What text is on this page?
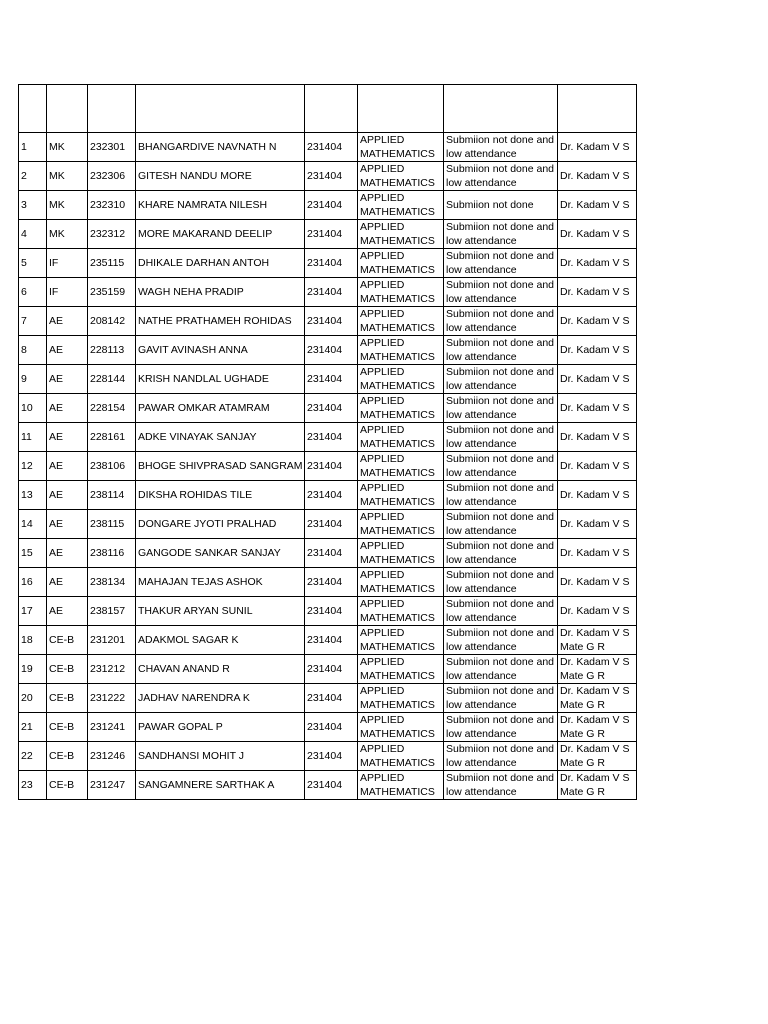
1	MK	232301	BHANGARDIVE NAVNATH N	231404	APPLIED
MATHEMATICS	Submiion not done and
low attendance	Dr. Kadam V S

2	MK	232306	GITESH NANDU MORE	231404	APPLIED
MATHEMATICS	Submiion not done and
low attendance	Dr. Kadam V S

3	MK	232310	KHARE NAMRATA NILESH	231404	APPLIED
MATHEMATICS	Submiion not done	Dr. Kadam V S

4	MK	232312	MORE MAKARAND DEELIP	231404	APPLIED
MATHEMATICS	Submiion not done and
low attendance	Dr. Kadam V S

5	IF	235115	DHIKALE DARHAN ANTOH	231404	APPLIED
MATHEMATICS	Submiion not done and
low attendance	Dr. Kadam V S

6	IF	235159	WAGH NEHA PRADIP	231404	APPLIED
MATHEMATICS	Submiion not done and
low attendance	Dr. Kadam V S

7	AE	208142	NATHE PRATHAMEH ROHIDAS	231404	APPLIED
MATHEMATICS	Submiion not done and
low attendance	Dr. Kadam V S

8	AE	228113	GAVIT AVINASH ANNA	231404	APPLIED
MATHEMATICS	Submiion not done and
low attendance	Dr. Kadam V S

9	AE	228144	KRISH NANDLAL UGHADE	231404	APPLIED
MATHEMATICS	Submiion not done and
low attendance	Dr. Kadam V S

10	AE	228154	PAWAR OMKAR ATAMRAM	231404	APPLIED
MATHEMATICS	Submiion not done and
low attendance	Dr. Kadam V S

11	AE	228161	ADKE VINAYAK SANJAY	231404	APPLIED
MATHEMATICS	Submiion not done and
low attendance	Dr. Kadam V S

12	AE	238106	BHOGE SHIVPRASAD SANGRAM	231404	APPLIED
MATHEMATICS	Submiion not done and
low attendance	Dr. Kadam V S

13	AE	238114	DIKSHA ROHIDAS TILE	231404	APPLIED
MATHEMATICS	Submiion not done and
low attendance	Dr. Kadam V S

14	AE	238115	DONGARE JYOTI PRALHAD	231404	APPLIED
MATHEMATICS	Submiion not done and
low attendance	Dr. Kadam V S

15	AE	238116	GANGODE SANKAR SANJAY	231404	APPLIED
MATHEMATICS	Submiion not done and
low attendance	Dr. Kadam V S

16	AE	238134	MAHAJAN TEJAS ASHOK	231404	APPLIED
MATHEMATICS	Submiion not done and
low attendance	Dr. Kadam V S

17	AE	238157	THAKUR ARYAN SUNIL	231404	APPLIED
MATHEMATICS	Submiion not done and
low attendance	Dr. Kadam V S

18	CE-B	231201	ADAKMOL SAGAR K	231404	APPLIED
MATHEMATICS	Submiion not done and
low attendance	Dr. Kadam V S
Mate G R

19	CE-B	231212	CHAVAN ANAND R	231404	APPLIED
MATHEMATICS	Submiion not done and
low attendance	Dr. Kadam V S
Mate G R

20	CE-B	231222	JADHAV NARENDRA K	231404	APPLIED
MATHEMATICS	Submiion not done and
low attendance	Dr. Kadam V S
Mate G R

21	CE-B	231241	PAWAR GOPAL P	231404	APPLIED
MATHEMATICS	Submiion not done and
low attendance	Dr. Kadam V S
Mate G R

22	CE-B	231246	SANDHANSI MOHIT J	231404	APPLIED
MATHEMATICS	Submiion not done and
low attendance	Dr. Kadam V S
Mate G R

23	CE-B	231247	SANGAMNERE SARTHAK A	231404	APPLIED
MATHEMATICS	Submiion not done and
low attendance	Dr. Kadam V S
Mate G R
